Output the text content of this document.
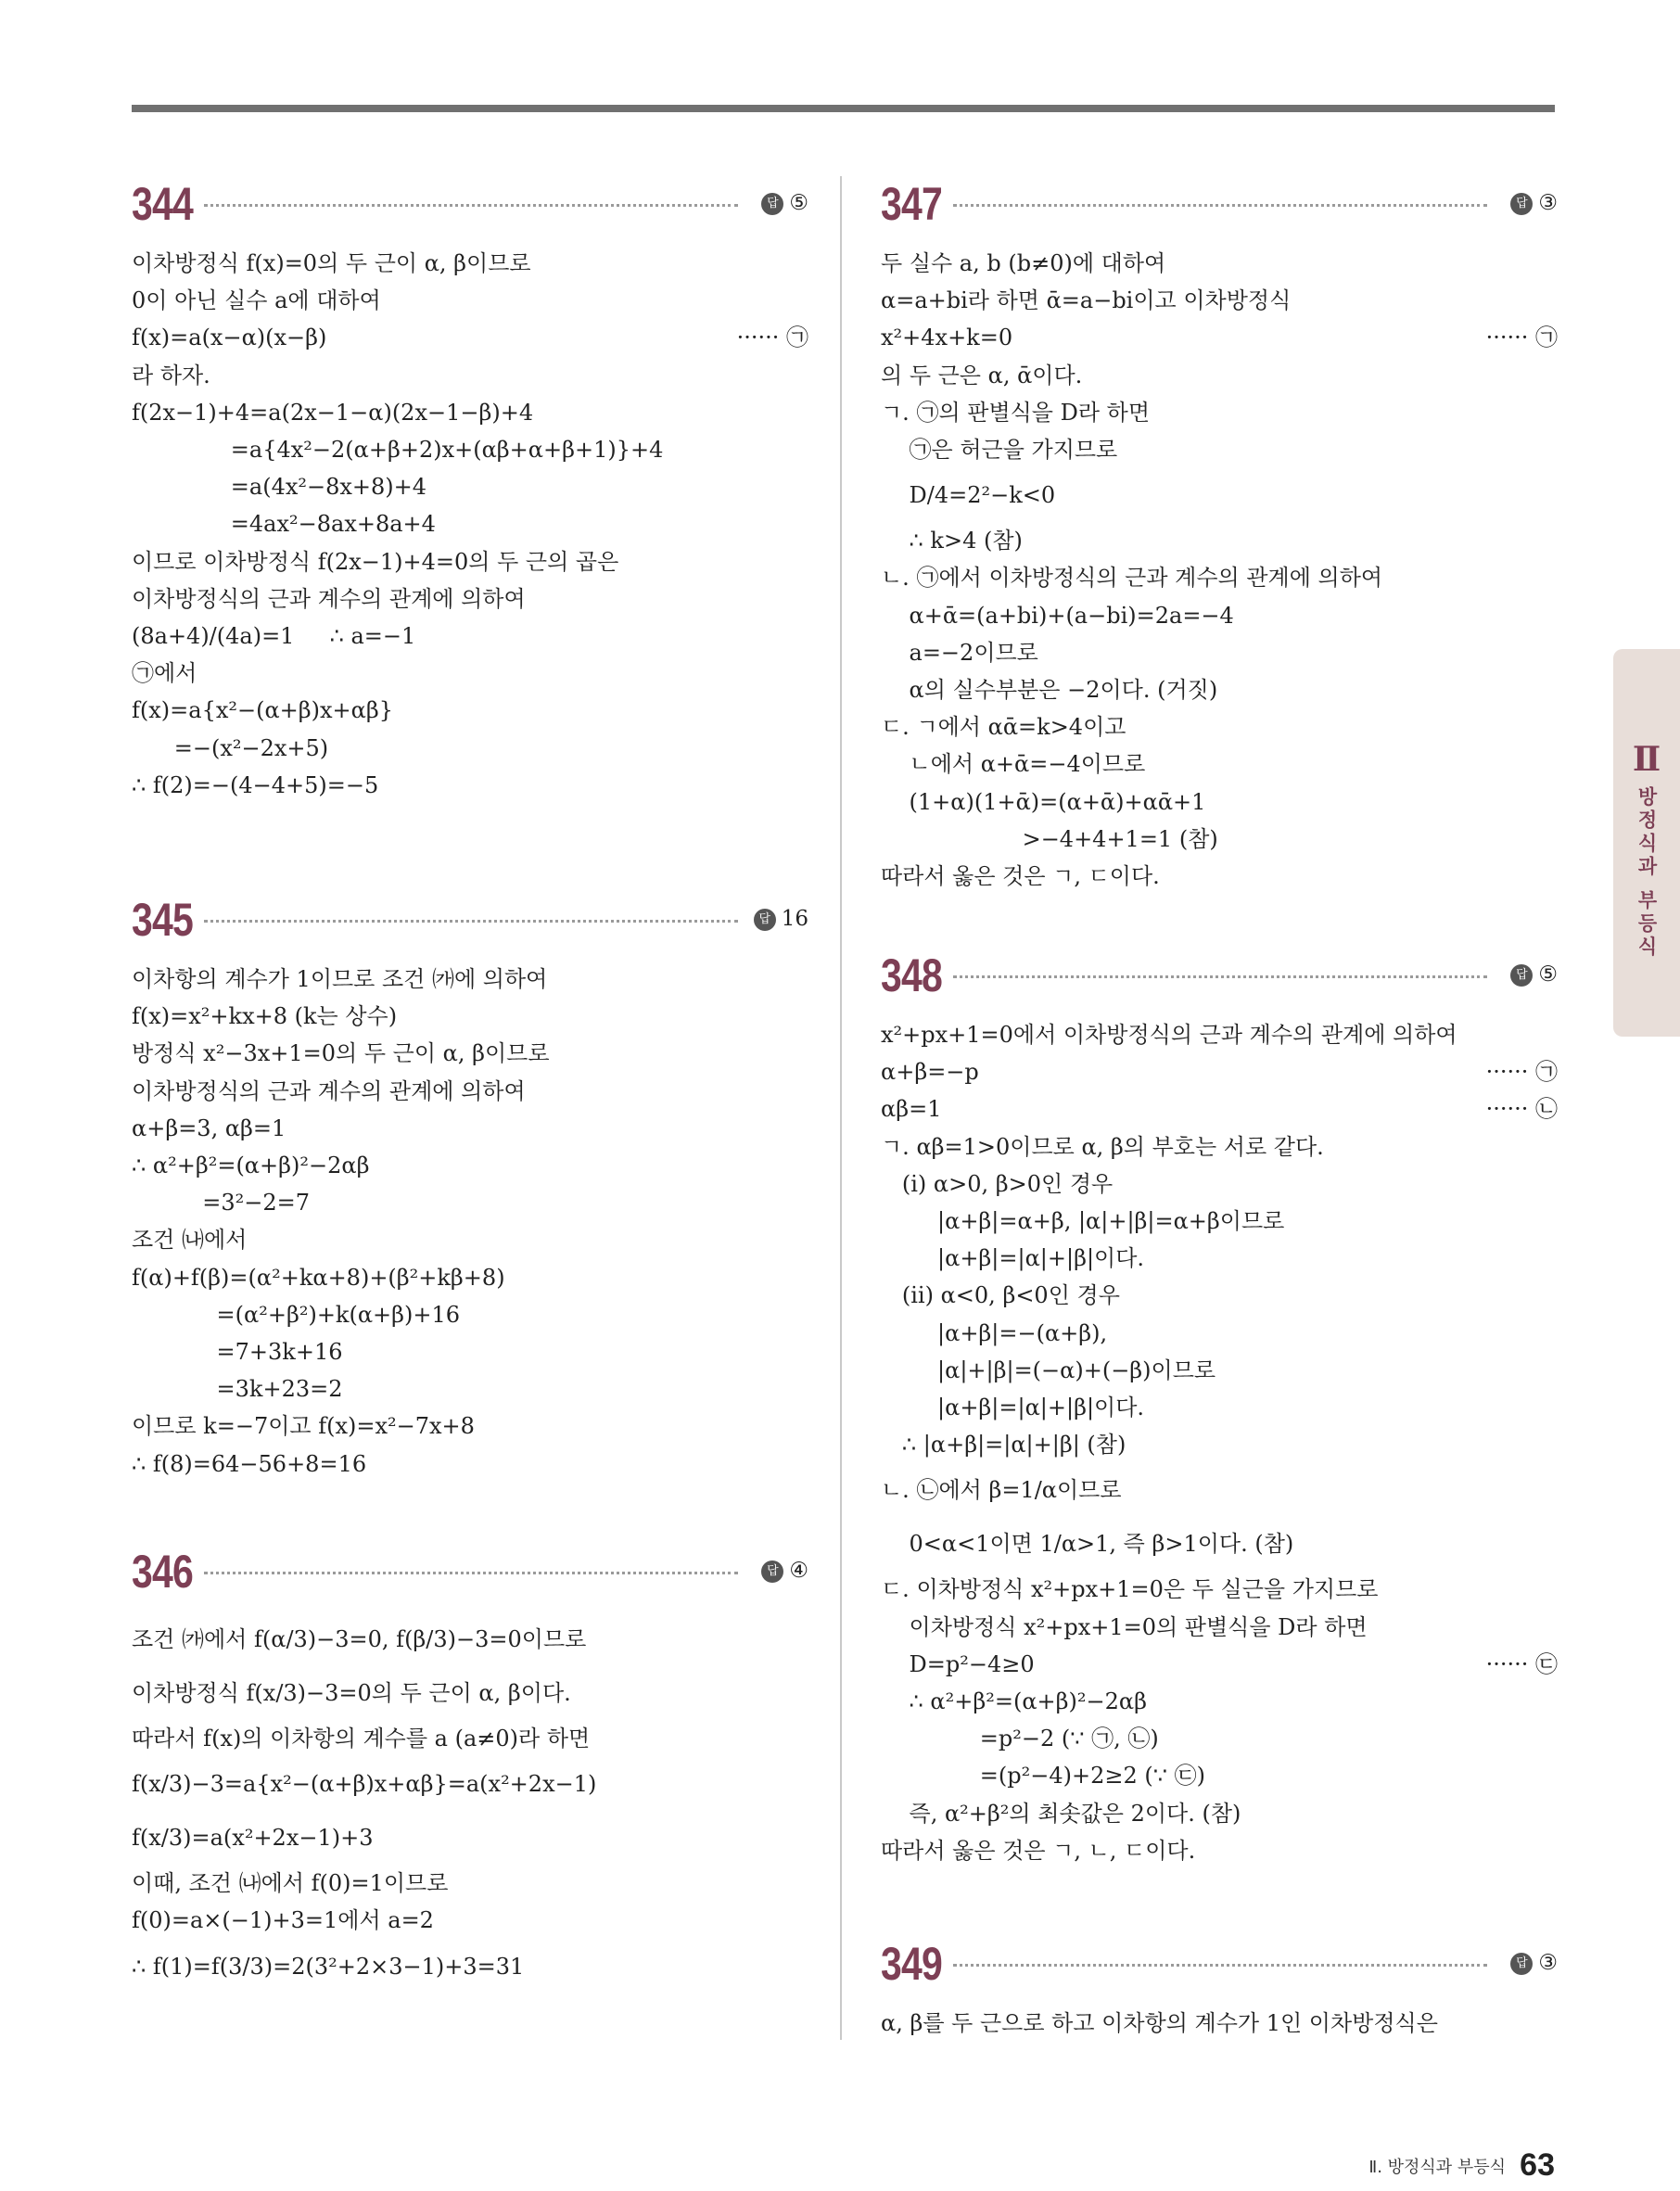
344	답 ⑤
이차방정식 f(x)=0의 두 근이 α, β이므로
0이 아닌 실수 a에 대하여
f(x)=a(x−α)(x−β)	······ ㉠
라 하자.
f(2x−1)+4=a(2x−1−α)(2x−1−β)+4
=a{4x²−2(α+β+2)x+(αβ+α+β+1)}+4
=a(4x²−8x+8)+4
=4ax²−8ax+8a+4
이므로 이차방정식 f(2x−1)+4=0의 두 근의 곱은
이차방정식의 근과 계수의 관계에 의하여
(8a+4)/(4a)=1     ∴ a=−1
㉠에서
f(x)=a{x²−(α+β)x+αβ}
=−(x²−2x+5)
∴ f(2)=−(4−4+5)=−5
345	답 16
이차항의 계수가 1이므로 조건 ㈎에 의하여
f(x)=x²+kx+8 (k는 상수)
방정식 x²−3x+1=0의 두 근이 α, β이므로
이차방정식의 근과 계수의 관계에 의하여
α+β=3, αβ=1
∴ α²+β²=(α+β)²−2αβ
=3²−2=7
조건 ㈏에서
f(α)+f(β)=(α²+kα+8)+(β²+kβ+8)
=(α²+β²)+k(α+β)+16
=7+3k+16
=3k+23=2
이므로 k=−7이고 f(x)=x²−7x+8
∴ f(8)=64−56+8=16
346	답 ④
조건 ㈎에서 f(α/3)−3=0, f(β/3)−3=0이므로
이차방정식 f(x/3)−3=0의 두 근이 α, β이다.
따라서 f(x)의 이차항의 계수를 a (a≠0)라 하면
f(x/3)−3=a{x²−(α+β)x+αβ}=a(x²+2x−1)
f(x/3)=a(x²+2x−1)+3
이때, 조건 ㈏에서 f(0)=1이므로
f(0)=a×(−1)+3=1에서 a=2
∴ f(1)=f(3/3)=2(3²+2×3−1)+3=31
347	답 ③
두 실수 a, b (b≠0)에 대하여
α=a+bi라 하면 ᾱ=a−bi이고 이차방정식
x²+4x+k=0	······ ㉠
의 두 근은 α, ᾱ이다.
ㄱ. ㉠의 판별식을 D라 하면
㉠은 허근을 가지므로
D/4=2²−k<0
∴ k>4 (참)
ㄴ. ㉠에서 이차방정식의 근과 계수의 관계에 의하여
α+ᾱ=(a+bi)+(a−bi)=2a=−4
a=−2이므로
α의 실수부분은 −2이다. (거짓)
ㄷ. ㄱ에서 αᾱ=k>4이고
ㄴ에서 α+ᾱ=−4이므로
(1+α)(1+ᾱ)=(α+ᾱ)+αᾱ+1
>−4+4+1=1 (참)
따라서 옳은 것은 ㄱ, ㄷ이다.
348	답 ⑤
x²+px+1=0에서 이차방정식의 근과 계수의 관계에 의하여
α+β=−p	······ ㉠
αβ=1	······ ㉡
ㄱ. αβ=1>0이므로 α, β의 부호는 서로 같다.
(ⅰ) α>0, β>0인 경우
|α+β|=α+β, |α|+|β|=α+β이므로
|α+β|=|α|+|β|이다.
(ⅱ) α<0, β<0인 경우
|α+β|=−(α+β),
|α|+|β|=(−α)+(−β)이므로
|α+β|=|α|+|β|이다.
∴ |α+β|=|α|+|β| (참)
ㄴ. ㉡에서 β=1/α이므로
0<α<1이면 1/α>1, 즉 β>1이다. (참)
ㄷ. 이차방정식 x²+px+1=0은 두 실근을 가지므로
이차방정식 x²+px+1=0의 판별식을 D라 하면
D=p²−4≥0	······ ㉢
∴ α²+β²=(α+β)²−2αβ
=p²−2 (∵ ㉠, ㉡)
=(p²−4)+2≥2 (∵ ㉢)
즉, α²+β²의 최솟값은 2이다. (참)
따라서 옳은 것은 ㄱ, ㄴ, ㄷ이다.
349	답 ③
α, β를 두 근으로 하고 이차항의 계수가 1인 이차방정식은
Ⅱ
방정식과 부등식
Ⅱ. 방정식과 부등식 63
